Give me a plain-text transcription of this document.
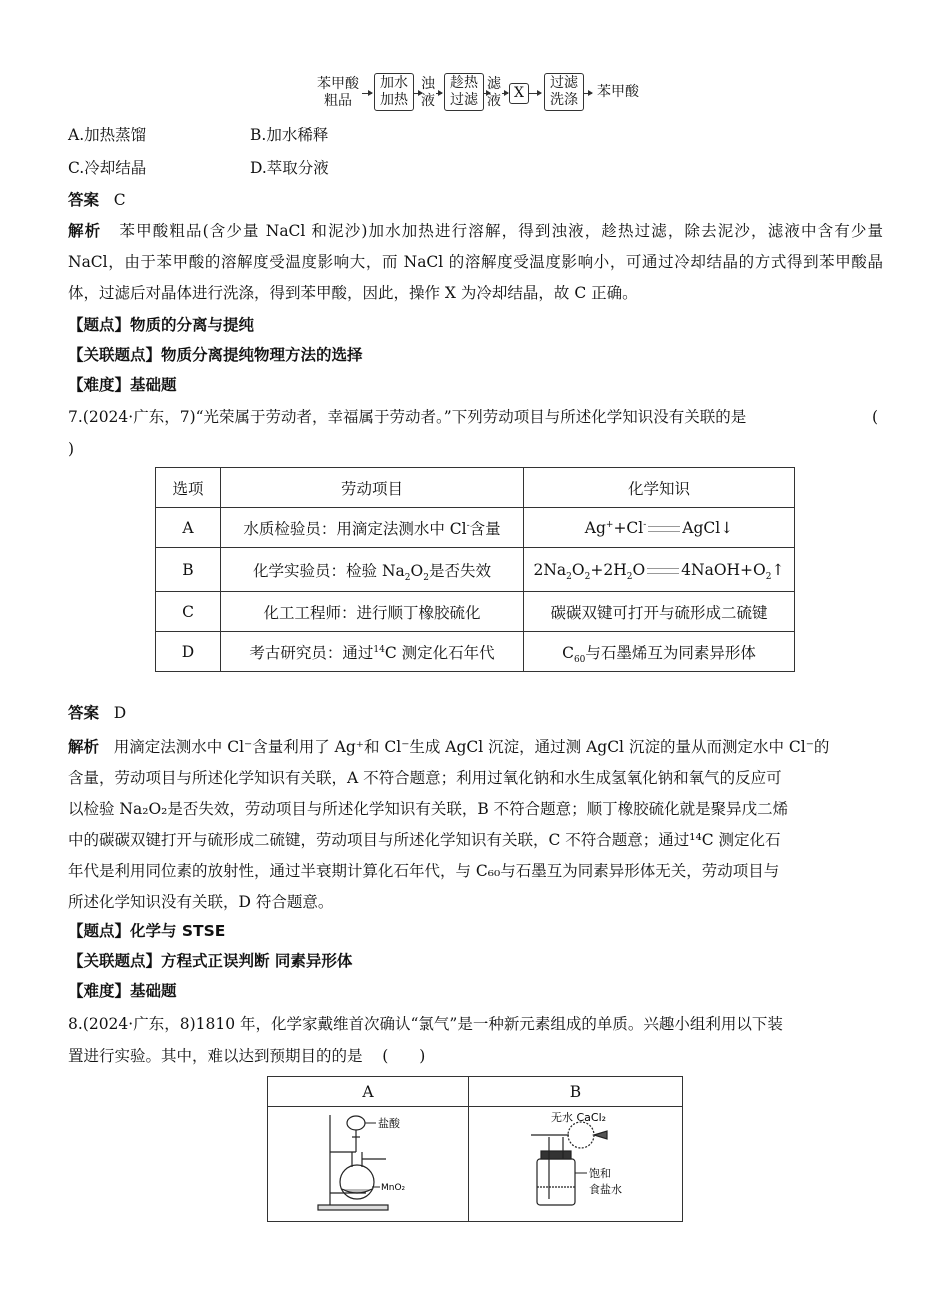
苯甲酸
粗品
加水
加热
浊
液
趁热
过滤
滤
液 X
过滤
洗涤 苯甲酸
A.加热蒸馏	B.加水稀释
C.冷却结晶	D.萃取分液
答案 C
解析 苯甲酸粗品(含少量 NaCl 和泥沙)加水加热进行溶解，得到浊液，趁热过滤，除去泥沙，滤液中含有少量 NaCl，由于苯甲酸的溶解度受温度影响大，而 NaCl 的溶解度受温度影响小，可通过冷却结晶的方式得到苯甲酸晶体，过滤后对晶体进行洗涤，得到苯甲酸，因此，操作 X 为冷却结晶，故 C 正确。
【题点】物质的分离与提纯
【关联题点】物质分离提纯物理方法的选择
【难度】基础题
7.(2024·广东，7)“光荣属于劳动者，幸福属于劳动者。”下列劳动项目与所述化学知识没有关联的是	(
)
选项	劳动项目	化学知识
A	水质检验员：用滴定法测水中 Cl-含量	Ag++Cl- AgCl↓
B	化学实验员：检验 $Na_2O_2$是否失效	$2Na_2O_2+2H_2O$ $4NaOH+O_2↑$
C	化工工程师：进行顺丁橡胶硫化	碳碳双键可打开与硫形成二硫键
D	考古研究员：通过$^{14}$C 测定化石年代	$C_{60}$与石墨烯互为同素异形体
答案 D
解析 用滴定法测水中 Cl⁻含量利用了 Ag⁺和 Cl⁻生成 AgCl 沉淀，通过测 AgCl 沉淀的量从而测定水中 Cl⁻的
含量，劳动项目与所述化学知识有关联，A 不符合题意；利用过氧化钠和水生成氢氧化钠和氧气的反应可
以检验 Na₂O₂是否失效，劳动项目与所述化学知识有关联，B 不符合题意；顺丁橡胶硫化就是聚异戊二烯
中的碳碳双键打开与硫形成二硫键，劳动项目与所述化学知识有关联，C 不符合题意；通过¹⁴C 测定化石
年代是利用同位素的放射性，通过半衰期计算化石年代，与 C₆₀与石墨互为同素异形体无关，劳动项目与
所述化学知识没有关联，D 符合题意。
【题点】化学与 STSE
【关联题点】方程式正误判断 同素异形体
【难度】基础题
8.(2024·广东，8)1810 年，化学家戴维首次确认“氯气”是一种新元素组成的单质。兴趣小组利用以下装
置进行实验。其中，难以达到预期目的的是 (　　)
A	B

盐酸
MnO₂	无水 CaCl₂
饱和
食盐水
